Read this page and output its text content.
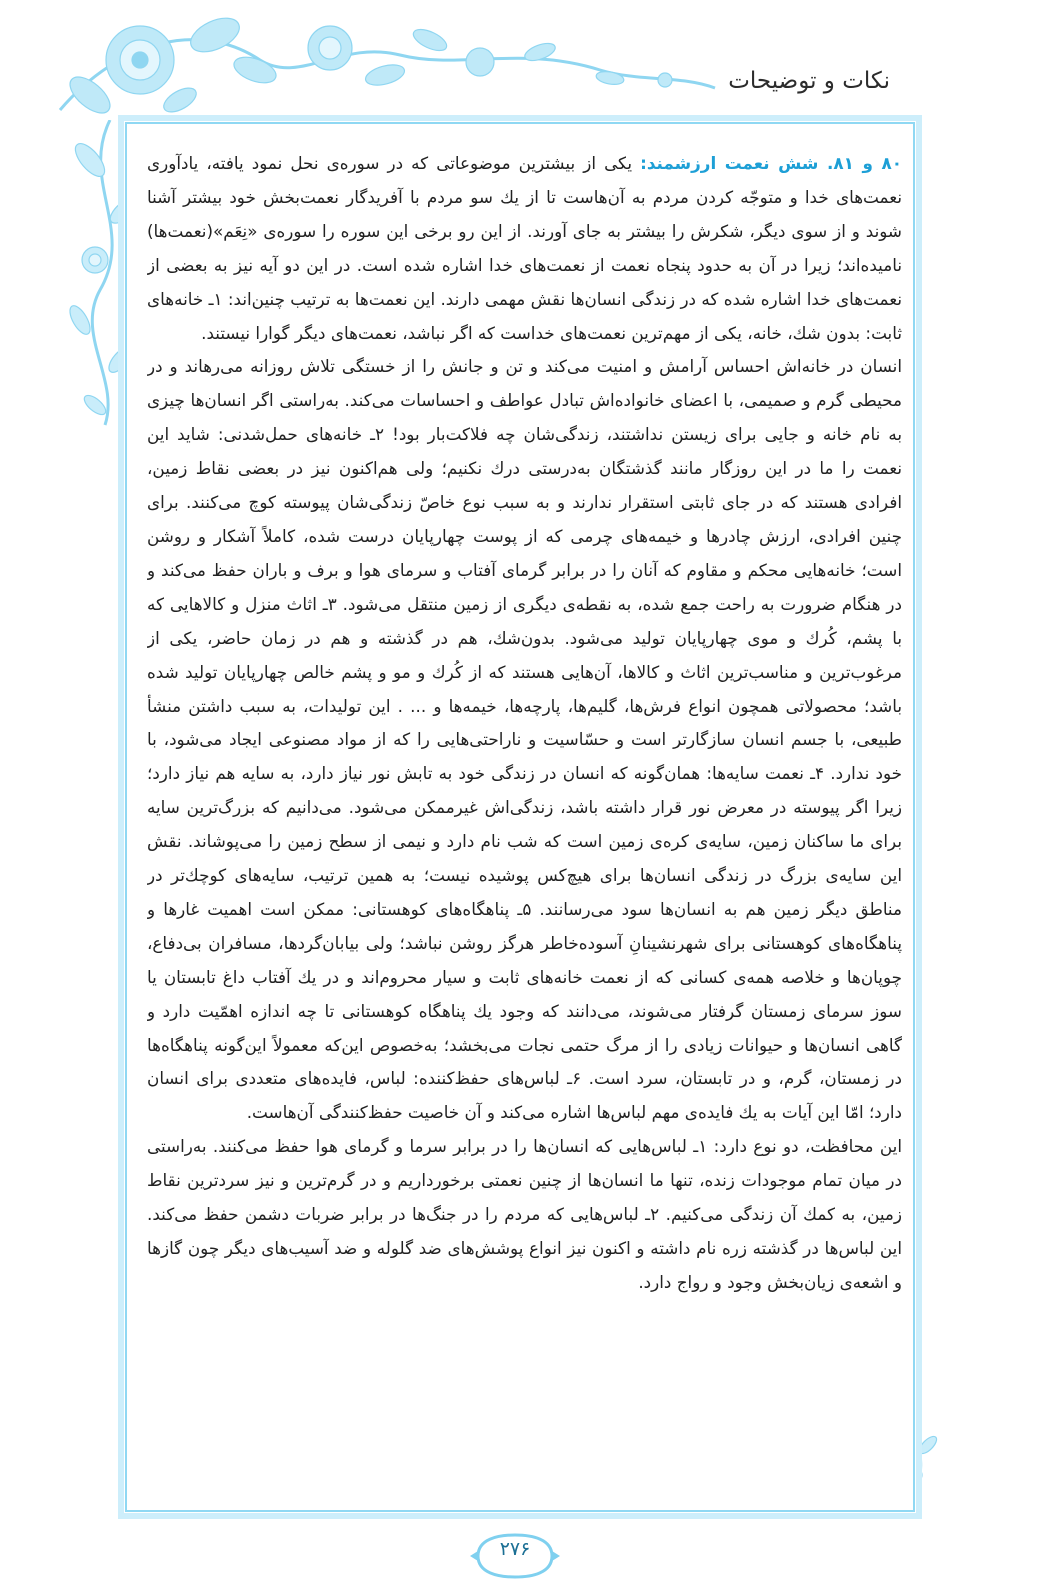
نکات و توضیحات

۸۰ و ۸۱. شش نعمت ارزشمند: یکی از بیشترین موضوعاتی که در سوره‌ی نحل نمود یافته، یادآوری نعمت‌های خدا و متوجّه کردن مردم به آن‌هاست تا از یك سو مردم با آفریدگار نعمت‌بخش خود بیشتر آشنا شوند و از سوی دیگر، شکرش را بیشتر به جای آورند. از این رو برخی این سوره را سوره‌ی «نِعَم»(نعمت‌ها) نامیده‌اند؛ زیرا در آن به حدود پنجاه نعمت از نعمت‌های خدا اشاره شده است. در این دو آیه نیز به بعضی از نعمت‌های خدا اشاره شده که در زندگی انسان‌ها نقش مهمی دارند. این نعمت‌ها به ترتیب چنین‌اند: ۱ـ خانه‌های ثابت: بدون شك، خانه، یکی از مهم‌ترین نعمت‌های خداست که اگر نباشد، نعمت‌های دیگر گوارا نیستند.

انسان در خانه‌اش احساس آرامش و امنیت می‌کند و تن و جانش را از خستگی تلاش روزانه می‌رهاند و در محیطی گرم و صمیمی، با اعضای خانواده‌اش تبادل عواطف و احساسات می‌کند. به‌راستی اگر انسان‌ها چیزی به نام خانه و جایی برای زیستن نداشتند، زندگی‌شان چه فلاکت‌بار بود! ۲ـ خانه‌های حمل‌شدنی: شاید این نعمت را ما در این روزگار مانند گذشتگان به‌درستی درك نکنیم؛ ولی هم‌اکنون نیز در بعضی نقاط زمین، افرادی هستند که در جای ثابتی استقرار ندارند و به سبب نوع خاصّ زندگی‌شان پیوسته کوچ می‌کنند. برای چنین افرادی، ارزش چادرها و خیمه‌های چرمی که از پوست چهارپایان درست شده، کاملاً آشکار و روشن است؛ خانه‌هایی محکم و مقاوم که آنان را در برابر گرمای آفتاب و سرمای هوا و برف و باران حفظ می‌کند و در هنگام ضرورت به راحت جمع شده، به نقطه‌ی دیگری از زمین منتقل می‌شود. ۳ـ اثاث منزل و کالاهایی که با پشم، کُرك و موی چهارپایان تولید می‌شود. بدون‌شك، هم در گذشته و هم در زمان حاضر، یکی از مرغوب‌ترین و مناسب‌ترین اثاث و کالاها، آن‌هایی هستند که از کُرك و مو و پشم خالص چهارپایان تولید شده باشد؛ محصولاتی همچون انواع فرش‌ها، گلیم‌ها، پارچه‌ها، خیمه‌ها و ... . این تولیدات، به سبب داشتن منشأ طبیعی، با جسم انسان سازگارتر است و حسّاسیت و ناراحتی‌هایی را که از مواد مصنوعی ایجاد می‌شود، با خود ندارد. ۴ـ نعمت سایه‌ها: همان‌گونه که انسان در زندگی خود به تابش نور نیاز دارد، به سایه هم نیاز دارد؛ زیرا اگر پیوسته در معرض نور قرار داشته باشد، زندگی‌اش غیرممکن می‌شود. می‌دانیم که بزرگ‌ترین سایه برای ما ساکنان زمین، سایه‌ی کره‌ی زمین است که شب نام دارد و نیمی از سطح زمین را می‌پوشاند. نقش این سایه‌ی بزرگ در زندگی انسان‌ها برای هیچ‌کس پوشیده نیست؛ به همین ترتیب، سایه‌های کوچك‌تر در مناطق دیگر زمین هم به انسان‌ها سود می‌رسانند. ۵ـ پناهگاه‌های کوهستانی: ممکن است اهمیت غارها و پناهگاه‌های کوهستانی برای شهرنشینانِ آسوده‌خاطر هرگز روشن نباشد؛ ولی بیابان‌گردها، مسافران بی‌دفاع، چوپان‌ها و خلاصه همه‌ی کسانی که از نعمت خانه‌های ثابت و سیار محروم‌اند و در یك آفتاب داغ تابستان یا سوز سرمای زمستان گرفتار می‌شوند، می‌دانند که وجود یك پناهگاه کوهستانی تا چه اندازه اهمّیت دارد و گاهی انسان‌ها و حیوانات زیادی را از مرگ حتمی نجات می‌بخشد؛ به‌خصوص این‌که معمولاً این‌گونه پناهگاه‌ها در زمستان، گرم، و در تابستان، سرد است. ۶ـ لباس‌های حفظ‌کننده: لباس، فایده‌های متعددی برای انسان دارد؛ امّا این آیات به یك فایده‌ی مهم لباس‌ها اشاره می‌کند و آن خاصیت حفظ‌کنندگی آن‌هاست.

این محافظت، دو نوع دارد: ۱ـ لباس‌هایی که انسان‌ها را در برابر سرما و گرمای هوا حفظ می‌کنند. به‌راستی در میان تمام موجودات زنده، تنها ما انسان‌ها از چنین نعمتی برخورداریم و در گرم‌ترین و نیز سردترین نقاط زمین، به کمك آن زندگی می‌کنیم. ۲ـ لباس‌هایی که مردم را در جنگ‌ها در برابر ضربات دشمن حفظ می‌کند. این لباس‌ها در گذشته زره نام داشته و اکنون نیز انواع پوشش‌های ضد گلوله و ضد آسیب‌های دیگر چون گازها و اشعه‌ی زیان‌بخش وجود و رواج دارد.

۲۷۶
